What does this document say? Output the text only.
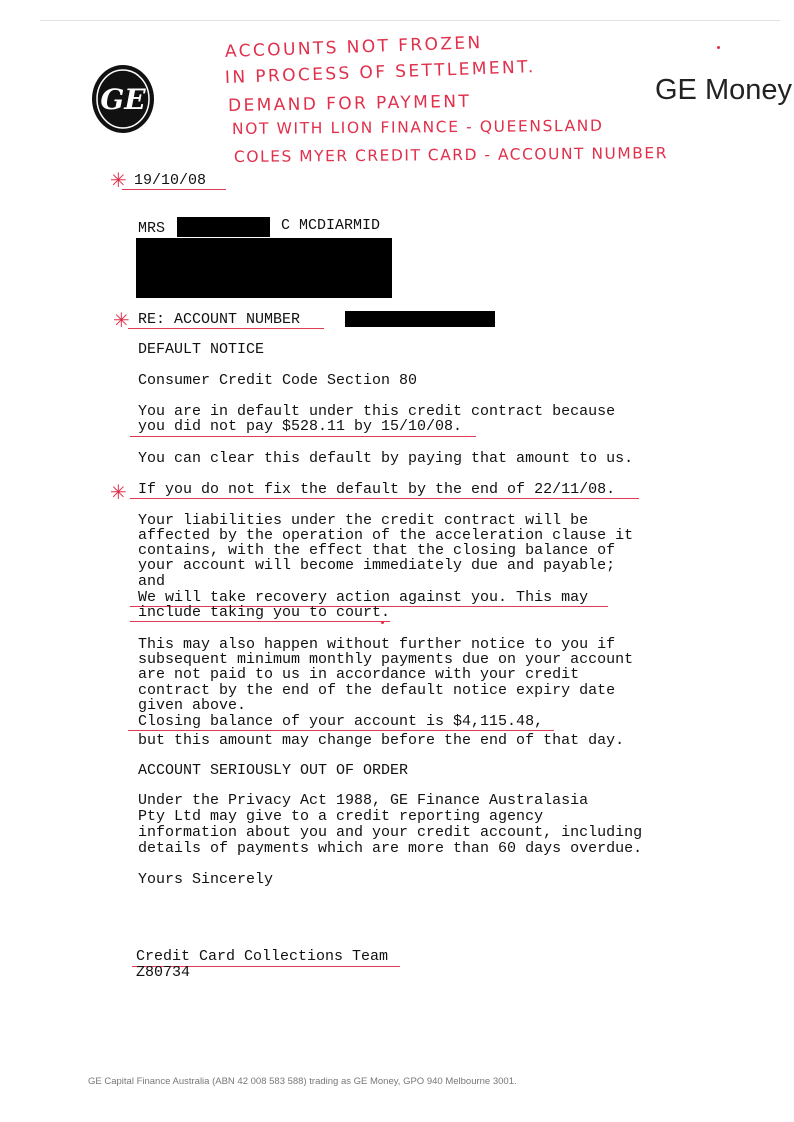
GE	GE Money
ACCOUNTS NOT FROZEN
IN PROCESS OF SETTLEMENT.
DEMAND FOR PAYMENT
NOT WITH LION FINANCE - QUEENSLAND
COLES MYER CREDIT CARD - ACCOUNT NUMBER
✳ 19/10/08
MRS	C MCDIARMID
✳ RE: ACCOUNT NUMBER
DEFAULT NOTICE
Consumer Credit Code Section 80
You are in default under this credit contract because
you did not pay $528.11 by 15/10/08.
You can clear this default by paying that amount to us.
✳ If you do not fix the default by the end of 22/11/08.
Your liabilities under the credit contract will be
affected by the operation of the acceleration clause it
contains, with the effect that the closing balance of
your account will become immediately due and payable;
and
We will take recovery action against you. This may
include taking you to court.
This may also happen without further notice to you if
subsequent minimum monthly payments due on your account
are not paid to us in accordance with your credit
contract by the end of the default notice expiry date
given above.
Closing balance of your account is $4,115.48,
but this amount may change before the end of that day.
ACCOUNT SERIOUSLY OUT OF ORDER
Under the Privacy Act 1988, GE Finance Australasia
Pty Ltd may give to a credit reporting agency
information about you and your credit account, including
details of payments which are more than 60 days overdue.
Yours Sincerely
Credit Card Collections Team
Z80734
GE Capital Finance Australia (ABN 42 008 583 588) trading as GE Money, GPO 940 Melbourne 3001.
